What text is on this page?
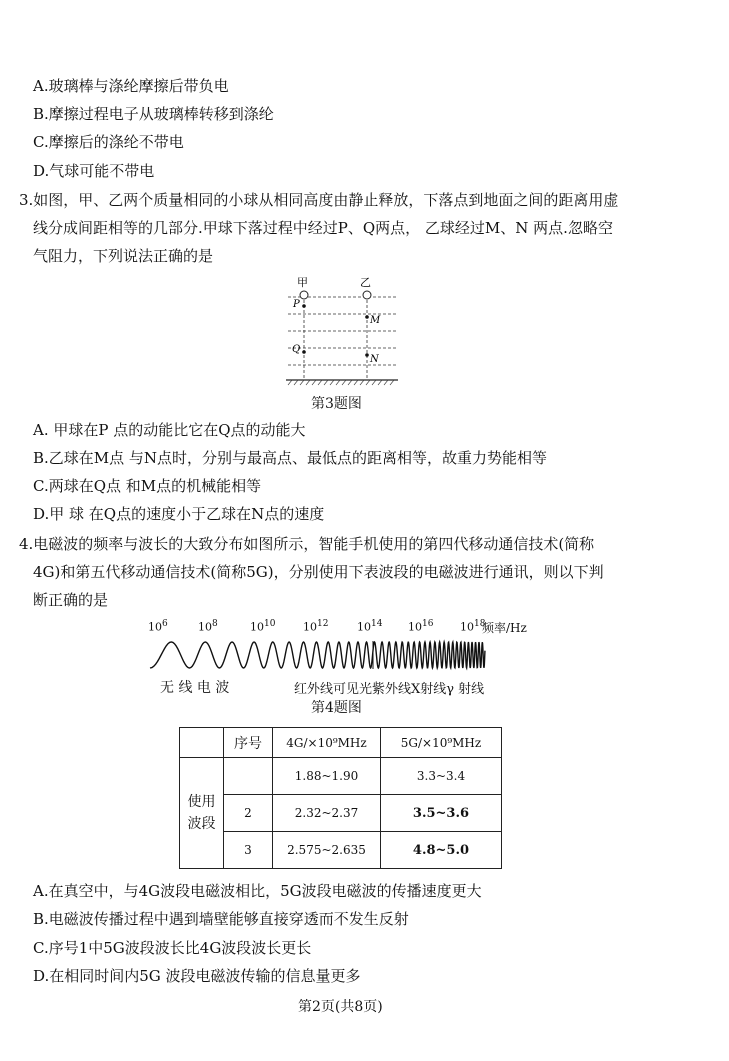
A.玻璃棒与涤纶摩擦后带负电
B.摩擦过程电子从玻璃棒转移到涤纶
C.摩擦后的涤纶不带电
D.气球可能不带电
3.如图，甲、乙两个质量相同的小球从相同高度由静止释放，下落点到地面之间的距离用虚
线分成间距相等的几部分.甲球下落过程中经过P、Q两点， 乙球经过M、N 两点.忽略空
气阻力，下列说法正确的是
甲	乙
P
Q
M
N
第3题图
A. 甲球在P 点的动能比它在Q点的动能大
B.乙球在M点 与N点时，分别与最高点、最低点的距离相等，故重力势能相等
C.两球在Q点 和M点的机械能相等
D.甲 球 在Q点的速度小于乙球在N点的速度
4.电磁波的频率与波长的大致分布如图所示，智能手机使用的第四代移动通信技术(简称
4G)和第五代移动通信技术(简称5G)，分别使用下表波段的电磁波进行通讯，则以下判
断正确的是
$10^6$	$10^8$	$10^{10}$	$10^{12}$	$10^{14}$ $10^{16}$ $10^{18}$
频率/Hz
无 线 电 波	红外线可见光紫外线X射线γ 射线
第4题图
	序号	4G/×10⁹MHz	5G/×10⁹MHz
使用波段		1.88~1.90	3.3~3.4
	2	2.32~2.37	3.5~3.6
	3	2.575~2.635	4.8~5.0
A.在真空中，与4G波段电磁波相比，5G波段电磁波的传播速度更大
B.电磁波传播过程中遇到墙壁能够直接穿透而不发生反射
C.序号1中5G波段波长比4G波段波长更长
D.在相同时间内5G 波段电磁波传输的信息量更多
第2页(共8页)
